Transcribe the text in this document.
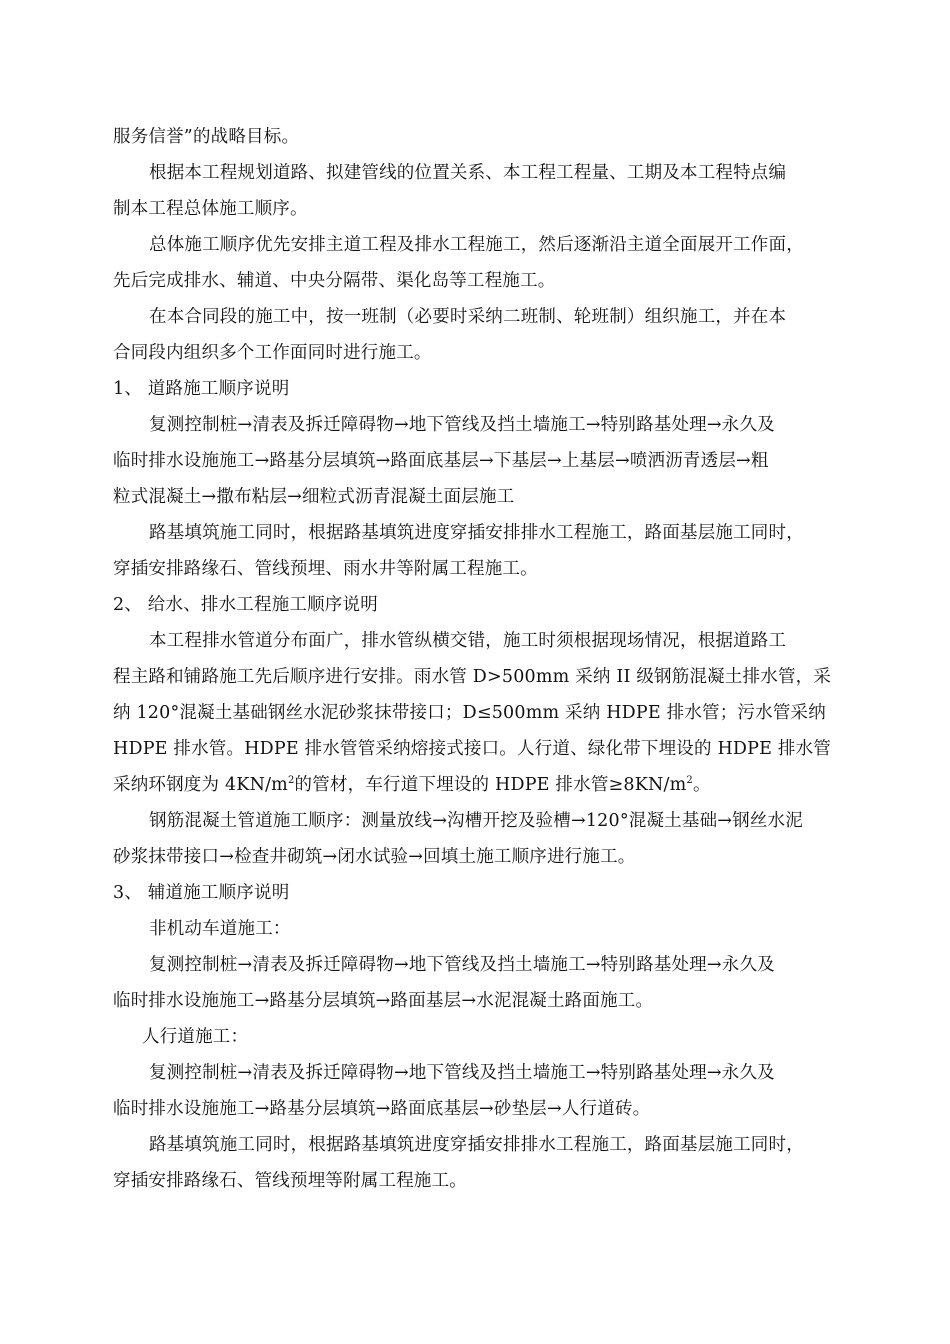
服务信誉”的战略目标。
根据本工程规划道路、拟建管线的位置关系、本工程工程量、工期及本工程特点编
制本工程总体施工顺序。
总体施工顺序优先安排主道工程及排水工程施工，然后逐渐沿主道全面展开工作面，
先后完成排水、辅道、中央分隔带、渠化岛等工程施工。
在本合同段的施工中，按一班制（必要时采纳二班制、轮班制）组织施工，并在本
合同段内组织多个工作面同时进行施工。
1、 道路施工顺序说明
复测控制桩→清表及拆迁障碍物→地下管线及挡土墙施工→特别路基处理→永久及
临时排水设施施工→路基分层填筑→路面底基层→下基层→上基层→喷洒沥青透层→粗
粒式混凝土→撒布粘层→细粒式沥青混凝土面层施工
路基填筑施工同时，根据路基填筑进度穿插安排排水工程施工，路面基层施工同时，
穿插安排路缘石、管线预埋、雨水井等附属工程施工。
2、 给水、排水工程施工顺序说明
本工程排水管道分布面广，排水管纵横交错，施工时须根据现场情况，根据道路工
程主路和铺路施工先后顺序进行安排。雨水管 D>500mm 采纳 II 级钢筋混凝土排水管，采
纳 120°混凝土基础钢丝水泥砂浆抹带接口；D≤500mm 采纳 HDPE 排水管；污水管采纳
HDPE 排水管。HDPE 排水管管采纳熔接式接口。人行道、绿化带下埋设的 HDPE 排水管
采纳环钢度为 $4KN/m^2$的管材，车行道下埋设的 HDPE 排水管$\ge 8KN/m^2$。
钢筋混凝土管道施工顺序：测量放线→沟槽开挖及验槽→120°混凝土基础→钢丝水泥
砂浆抹带接口→检查井砌筑→闭水试验→回填土施工顺序进行施工。
3、 辅道施工顺序说明
非机动车道施工：
复测控制桩→清表及拆迁障碍物→地下管线及挡土墙施工→特别路基处理→永久及
临时排水设施施工→路基分层填筑→路面基层→水泥混凝土路面施工。
人行道施工：
复测控制桩→清表及拆迁障碍物→地下管线及挡土墙施工→特别路基处理→永久及
临时排水设施施工→路基分层填筑→路面底基层→砂垫层→人行道砖。
路基填筑施工同时，根据路基填筑进度穿插安排排水工程施工，路面基层施工同时，
穿插安排路缘石、管线预埋等附属工程施工。
